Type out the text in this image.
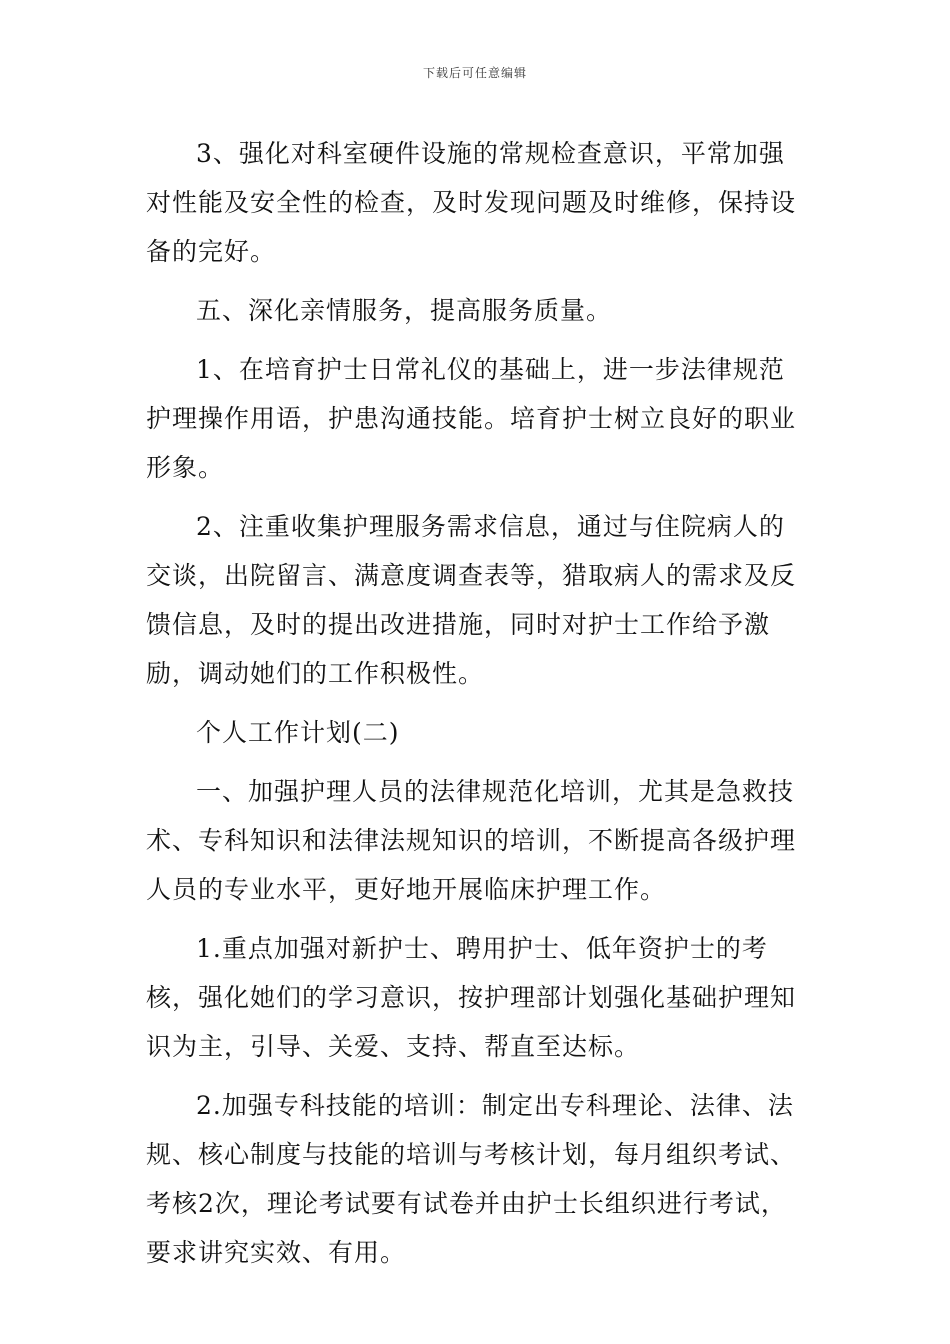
下载后可任意编辑

3、强化对科室硬件设施的常规检查意识，平常加强对性能及安全性的检查，及时发现问题及时维修，保持设备的完好。

五、深化亲情服务，提高服务质量。

1、在培育护士日常礼仪的基础上，进一步法律规范护理操作用语，护患沟通技能。培育护士树立良好的职业形象。

2、注重收集护理服务需求信息，通过与住院病人的交谈，出院留言、满意度调查表等，猎取病人的需求及反馈信息，及时的提出改进措施，同时对护士工作给予激励，调动她们的工作积极性。

个人工作计划(二)

一、加强护理人员的法律规范化培训，尤其是急救技术、专科知识和法律法规知识的培训，不断提高各级护理人员的专业水平，更好地开展临床护理工作。

1.重点加强对新护士、聘用护士、低年资护士的考核，强化她们的学习意识，按护理部计划强化基础护理知识为主，引导、关爱、支持、帮直至达标。

2.加强专科技能的培训：制定出专科理论、法律、法规、核心制度与技能的培训与考核计划，每月组织考试、考核2次，理论考试要有试卷并由护士长组织进行考试，要求讲究实效、有用。
